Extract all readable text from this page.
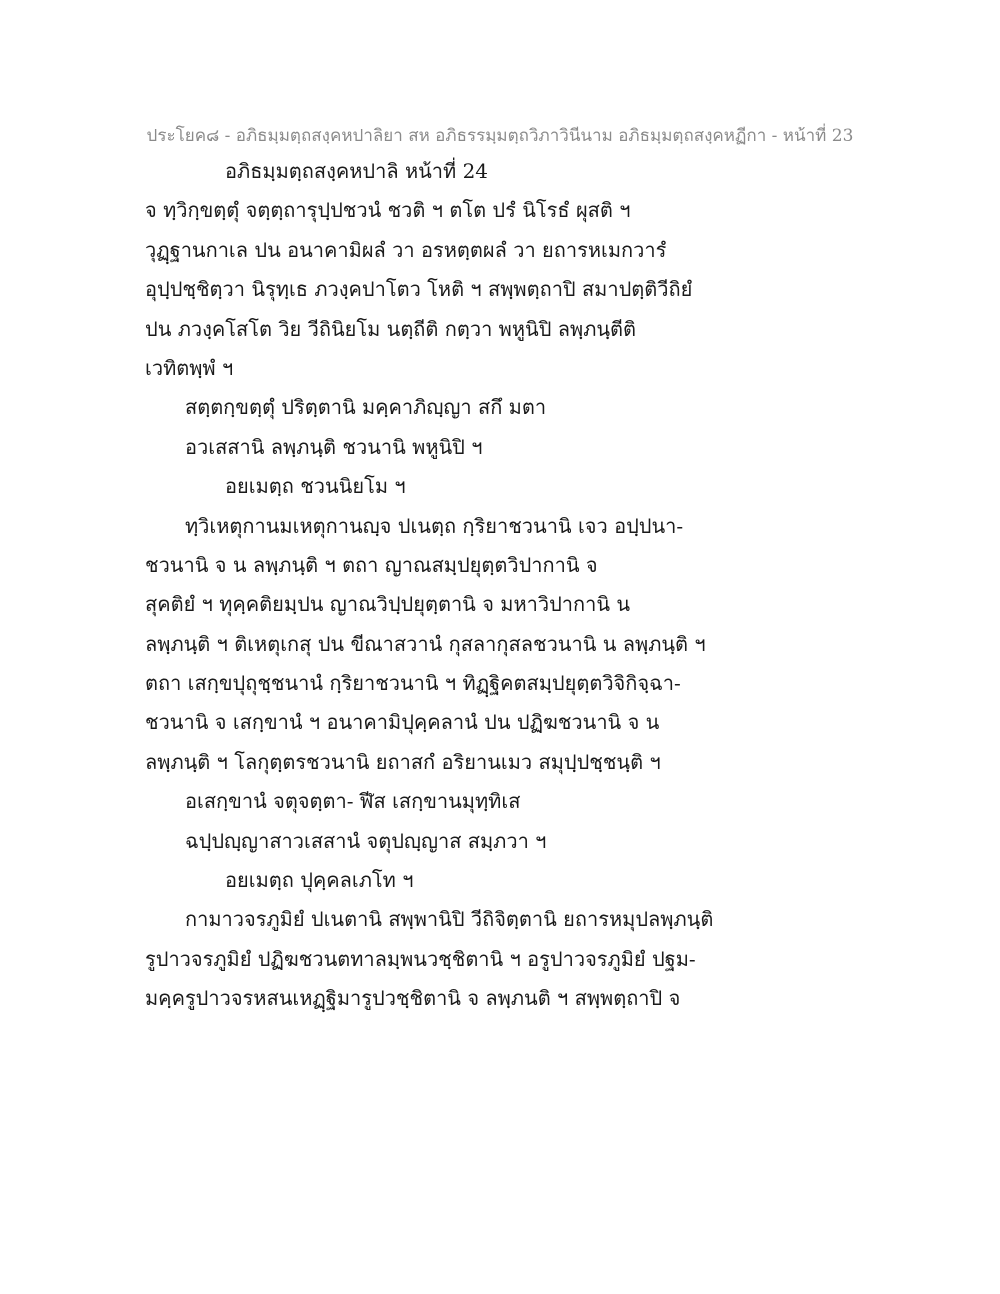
ประโยค๘ - อภิธมฺมตฺถสงฺคหปาลิยา สห อภิธรรมฺมตฺถวิภาวินีนาม อภิธมฺมตฺถสงฺคหฏีกา - หน้าที่ 23
อภิธมฺมตฺถสงฺคหปาลิ หน้าที่ 24
จ ทฺวิกฺขตฺตุํ จตฺตฺถารุปฺปชวนํ ชวติ ฯ ตโต ปรํ นิโรธํ ผุสติ ฯ
วุฏฺฐานกาเล ปน อนาคามิผลํ วา อรหตฺตผลํ วา ยถารหเมกวารํ
อุปฺปชฺชิตฺวา นิรุทฺเธ ภวงฺคปาโตว โหติ ฯ สพฺพตฺถาปิ สมาปตฺติวีถิยํ
ปน ภวงฺคโสโต วิย วีถินิยโม นตฺถีติ กตฺวา พหูนิปิ ลพฺภนฺตีติ
เวทิตพฺพํ ฯ
สตฺตกฺขตฺตุํ ปริตฺตานิ มคฺคาภิญฺญา สกึ มตา
อวเสสานิ ลพฺภนฺติ ชวนานิ พหูนิปิ ฯ
อยเมตฺถ ชวนนิยโม ฯ
ทฺวิเหตุกานมเหตุกานญฺจ ปเนตฺถ กฺริยาชวนานิ เจว อปฺปนา-
ชวนานิ จ น ลพฺภนฺติ ฯ ตถา ญาณสมฺปยุตฺตวิปากานิ จ
สุคติยํ ฯ ทุคฺคติยมฺปน ญาณวิปฺปยุตฺตานิ จ มหาวิปากานิ น
ลพฺภนฺติ ฯ ติเหตุเกสุ ปน ขีณาสวานํ กุสลากุสลชวนานิ น ลพฺภนฺติ ฯ
ตถา เสกฺขปุถุชฺชนานํ กฺริยาชวนานิ ฯ ทิฏฺฐิคตสมฺปยุตฺตวิจิกิจฺฉา-
ชวนานิ จ เสกฺขานํ ฯ อนาคามิปุคฺคลานํ ปน ปฏิฆชวนานิ จ น
ลพฺภนฺติ ฯ โลกุตฺตรชวนานิ ยถาสกํ อริยานเมว สมุปฺปชฺชนฺติ ฯ
อเสกฺขานํ จตุจตฺตา- ฬีส เสกฺขานมุทฺทิเส
ฉปฺปญฺญาสาวเสสานํ จตุปญฺญาส สมฺภวา ฯ
อยเมตฺถ ปุคฺคลเภโท ฯ
กามาวจรภูมิยํ ปเนตานิ สพฺพานิปิ วีถิจิตฺตานิ ยถารหมุปลพฺภนฺติ
รูปาวจรภูมิยํ ปฏิฆชวนตทาลมฺพนวชฺชิตานิ ฯ อรูปาวจรภูมิยํ ปฐม-
มคฺครูปาวจรหสนเหฏฺฐิมารูปวชฺชิตานิ จ ลพฺภนติ ฯ สพฺพตฺถาปิ จ
